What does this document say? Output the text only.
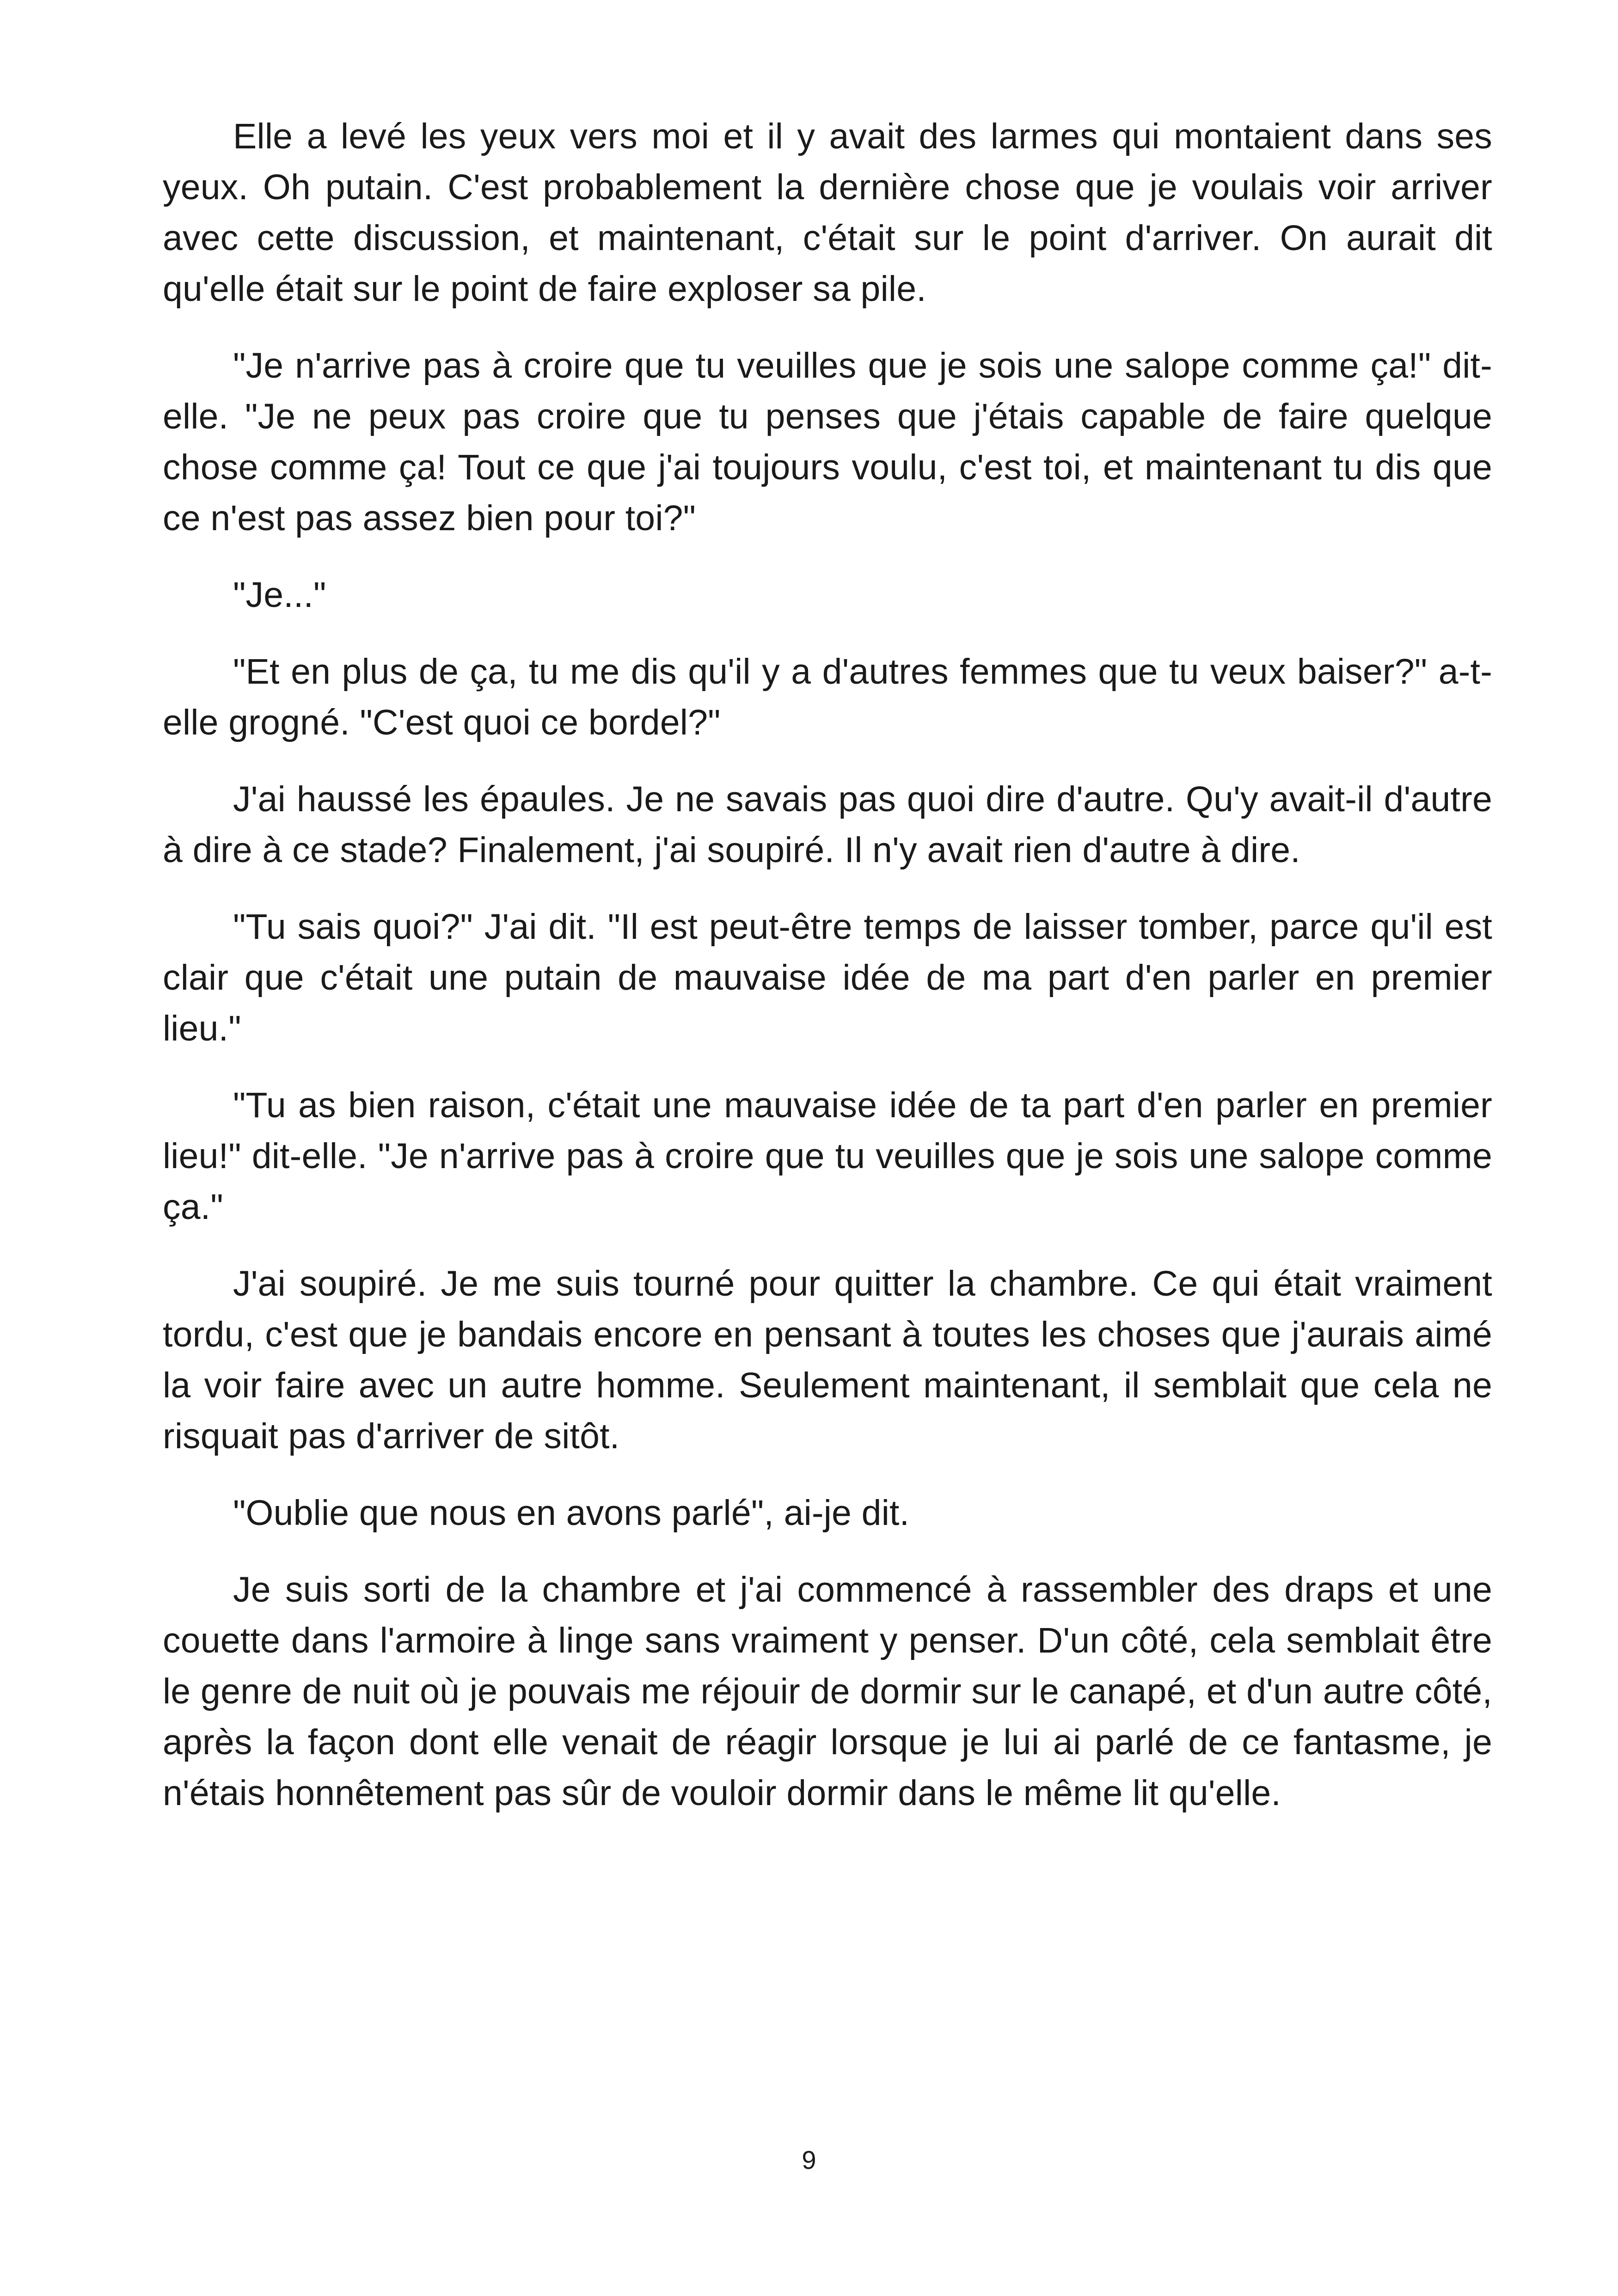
Elle a levé les yeux vers moi et il y avait des larmes qui montaient dans ses yeux. Oh putain. C'est probablement la dernière chose que je voulais voir arriver avec cette discussion, et maintenant, c'était sur le point d'arriver. On aurait dit qu'elle était sur le point de faire exploser sa pile.

"Je n'arrive pas à croire que tu veuilles que je sois une salope comme ça!" dit-elle. "Je ne peux pas croire que tu penses que j'étais capable de faire quelque chose comme ça! Tout ce que j'ai toujours voulu, c'est toi, et maintenant tu dis que ce n'est pas assez bien pour toi?"

"Je..."

"Et en plus de ça, tu me dis qu'il y a d'autres femmes que tu veux baiser?" a-t-elle grogné. "C'est quoi ce bordel?"

J'ai haussé les épaules. Je ne savais pas quoi dire d'autre. Qu'y avait-il d'autre à dire à ce stade? Finalement, j'ai soupiré. Il n'y avait rien d'autre à dire.

"Tu sais quoi?" J'ai dit. "Il est peut-être temps de laisser tomber, parce qu'il est clair que c'était une putain de mauvaise idée de ma part d'en parler en premier lieu."

"Tu as bien raison, c'était une mauvaise idée de ta part d'en parler en premier lieu!" dit-elle. "Je n'arrive pas à croire que tu veuilles que je sois une salope comme ça."

J'ai soupiré. Je me suis tourné pour quitter la chambre. Ce qui était vraiment tordu, c'est que je bandais encore en pensant à toutes les choses que j'aurais aimé la voir faire avec un autre homme. Seulement maintenant, il semblait que cela ne risquait pas d'arriver de sitôt.

"Oublie que nous en avons parlé", ai-je dit.

Je suis sorti de la chambre et j'ai commencé à rassembler des draps et une couette dans l'armoire à linge sans vraiment y penser. D'un côté, cela semblait être le genre de nuit où je pouvais me réjouir de dormir sur le canapé, et d'un autre côté, après la façon dont elle venait de réagir lorsque je lui ai parlé de ce fantasme, je n'étais honnêtement pas sûr de vouloir dormir dans le même lit qu'elle.

9
